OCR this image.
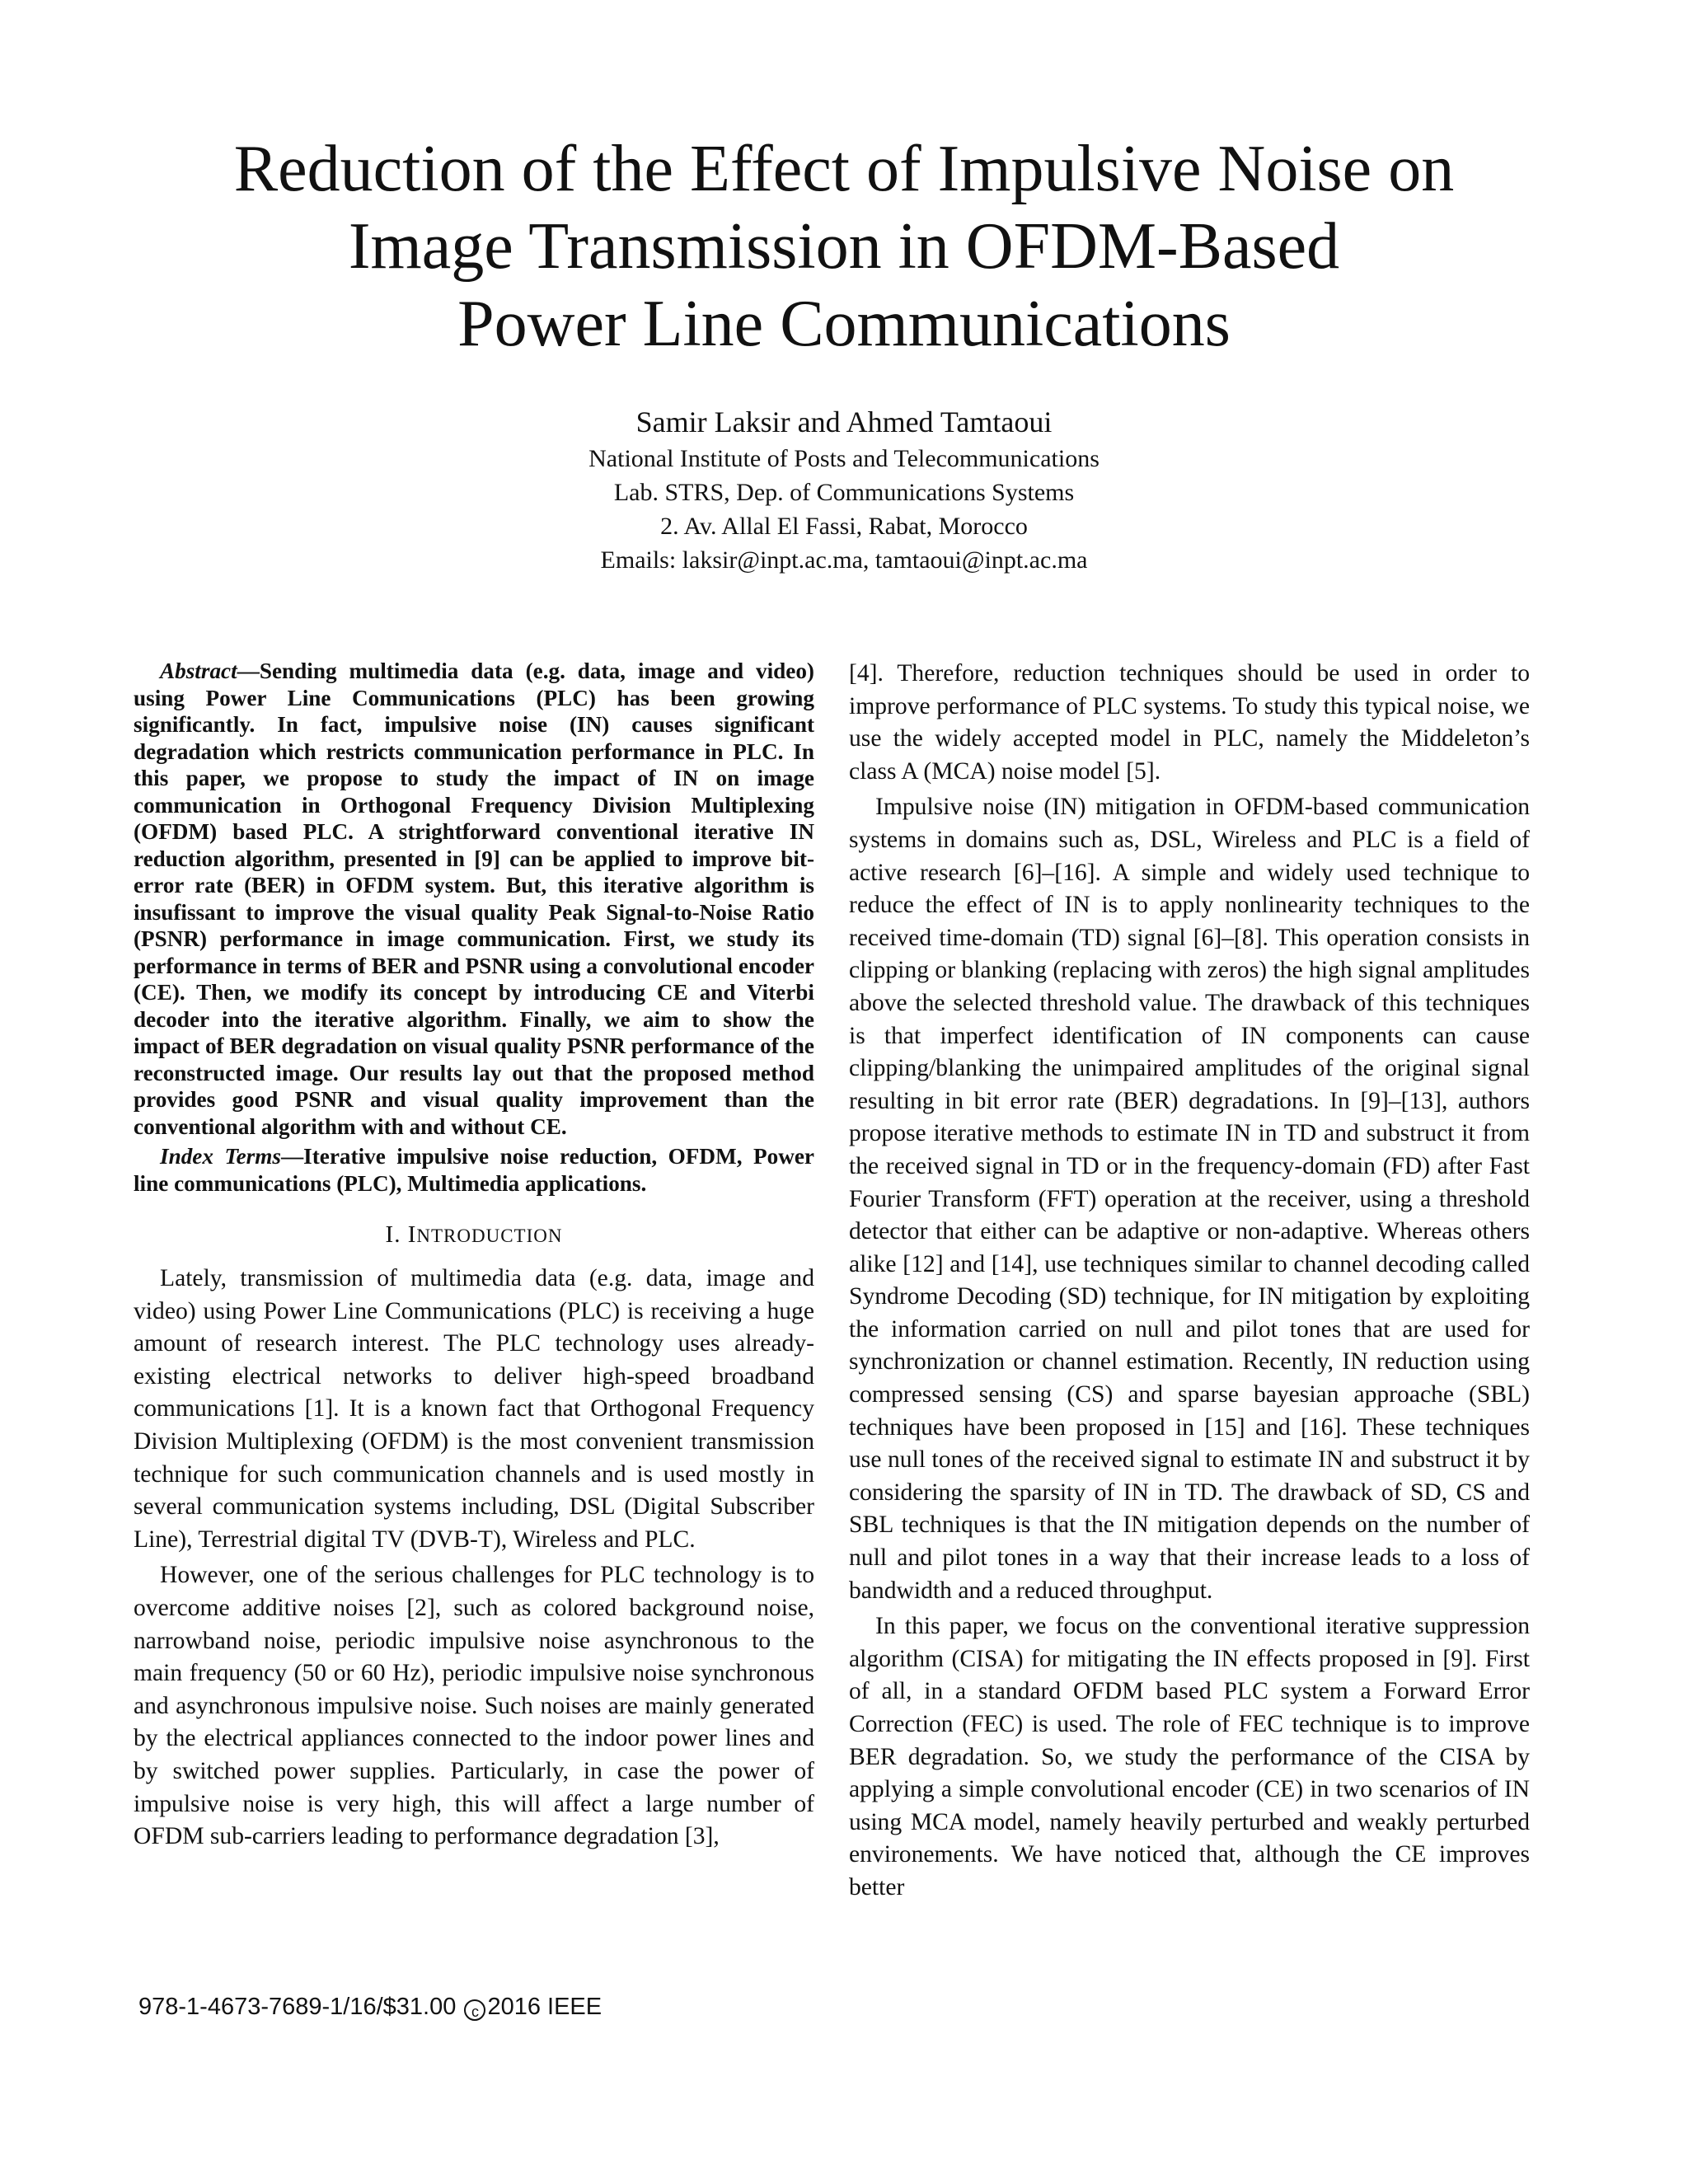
Reduction of the Effect of Impulsive Noise on
Image Transmission in OFDM-Based
Power Line Communications
Samir Laksir and Ahmed Tamtaoui
National Institute of Posts and Telecommunications
Lab. STRS, Dep. of Communications Systems
2. Av. Allal El Fassi, Rabat, Morocco
Emails: laksir@inpt.ac.ma, tamtaoui@inpt.ac.ma

Abstract—Sending multimedia data (e.g. data, image and video) using Power Line Communications (PLC) has been growing significantly. In fact, impulsive noise (IN) causes significant degradation which restricts communication performance in PLC. In this paper, we propose to study the impact of IN on image communication in Orthogonal Frequency Division Multiplexing (OFDM) based PLC. A strightforward conventional iterative IN reduction algorithm, presented in [9] can be applied to improve bit-error rate (BER) in OFDM system. But, this iterative algorithm is insufissant to improve the visual quality Peak Signal-to-Noise Ratio (PSNR) performance in image communication. First, we study its performance in terms of BER and PSNR using a convolutional encoder (CE). Then, we modify its concept by introducing CE and Viterbi decoder into the iterative algorithm. Finally, we aim to show the impact of BER degradation on visual quality PSNR performance of the reconstructed image. Our results lay out that the proposed method provides good PSNR and visual quality improvement than the conventional algorithm with and without CE.

Index Terms—Iterative impulsive noise reduction, OFDM, Power line communications (PLC), Multimedia applications.

I. INTRODUCTION

Lately, transmission of multimedia data (e.g. data, image and video) using Power Line Communications (PLC) is receiving a huge amount of research interest. The PLC technology uses already-existing electrical networks to deliver high-speed broadband communications [1]. It is a known fact that Orthogonal Frequency Division Multiplexing (OFDM) is the most convenient transmission technique for such communication channels and is used mostly in several communication systems including, DSL (Digital Subscriber Line), Terrestrial digital TV (DVB-T), Wireless and PLC.

However, one of the serious challenges for PLC technology is to overcome additive noises [2], such as colored background noise, narrowband noise, periodic impulsive noise asynchronous to the main frequency (50 or 60 Hz), periodic impulsive noise synchronous and asynchronous impulsive noise. Such noises are mainly generated by the electrical appliances connected to the indoor power lines and by switched power supplies. Particularly, in case the power of impulsive noise is very high, this will affect a large number of OFDM sub-carriers leading to performance degradation [3],

[4]. Therefore, reduction techniques should be used in order to improve performance of PLC systems. To study this typical noise, we use the widely accepted model in PLC, namely the Middeleton’s class A (MCA) noise model [5].

Impulsive noise (IN) mitigation in OFDM-based communication systems in domains such as, DSL, Wireless and PLC is a field of active research [6]–[16]. A simple and widely used technique to reduce the effect of IN is to apply nonlinearity techniques to the received time-domain (TD) signal [6]–[8]. This operation consists in clipping or blanking (replacing with zeros) the high signal amplitudes above the selected threshold value. The drawback of this techniques is that imperfect identification of IN components can cause clipping/blanking the unimpaired amplitudes of the original signal resulting in bit error rate (BER) degradations. In [9]–[13], authors propose iterative methods to estimate IN in TD and substruct it from the received signal in TD or in the frequency-domain (FD) after Fast Fourier Transform (FFT) operation at the receiver, using a threshold detector that either can be adaptive or non-adaptive. Whereas others alike [12] and [14], use techniques similar to channel decoding called Syndrome Decoding (SD) technique, for IN mitigation by exploiting the information carried on null and pilot tones that are used for synchronization or channel estimation. Recently, IN reduction using compressed sensing (CS) and sparse bayesian approache (SBL) techniques have been proposed in [15] and [16]. These techniques use null tones of the received signal to estimate IN and substruct it by considering the sparsity of IN in TD. The drawback of SD, CS and SBL techniques is that the IN mitigation depends on the number of null and pilot tones in a way that their increase leads to a loss of bandwidth and a reduced throughput.

In this paper, we focus on the conventional iterative suppression algorithm (CISA) for mitigating the IN effects proposed in [9]. First of all, in a standard OFDM based PLC system a Forward Error Correction (FEC) is used. The role of FEC technique is to improve BER degradation. So, we study the performance of the CISA by applying a simple convolutional encoder (CE) in two scenarios of IN using MCA model, namely heavily perturbed and weakly perturbed environements. We have noticed that, although the CE improves better

978-1-4673-7689-1/16/$31.00 c 2016 IEEE
